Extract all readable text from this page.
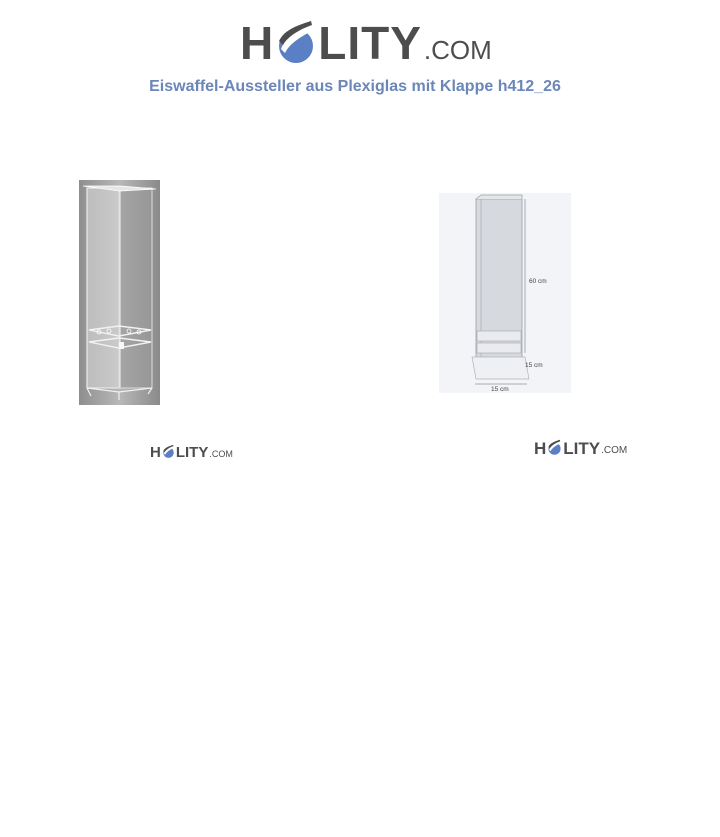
H LITY .COM
Eiswaffel-Aussteller aus Plexiglas mit Klappe h412_26
60 cm
15 cm
15 cm
H LITY .COM	H LITY .COM
